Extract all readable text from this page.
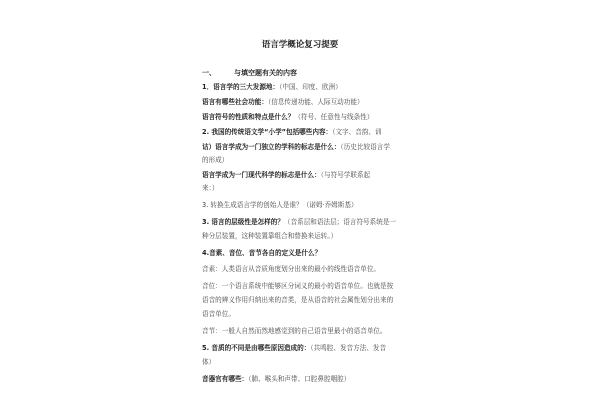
语言学概论复习提要
一、	与填空题有关的内容
1．语言学的三大发源地：（中国、印度、欧洲）
语言有哪些社会功能：（信息传递功能、人际互动功能）
语言符号的性质和特点是什么？（符号、任意性与线条性）
2. 我国的传统语文学“小学”包括哪些内容：（文字、音韵、训
诂）语言学成为一门独立的学科的标志是什么：（历史比较语言学
的形成）
语言学成为一门现代科学的标志是什么：（与符号学联系起
来：）
3. 转换生成语言学的创始人是谁？（诺姆·乔姆斯基）
3. 语言的层级性是怎样的？（音系层和语法层；语言符号系统是一
种分层装置，这种装置靠组合和替换来运转。）
4.音素、音位、音节各自的定义是什么？
音素：人类语言从音质角度划分出来的最小的线性语音单位。
音位：一个语言系统中能够区分词义的最小的语音单位。也就是按
语音的辨义作用归纳出来的音类，是从语音的社会属性划分出来的
语音单位。
音节：一般人自然而然地感觉到的自己语音里最小的语音单位。
5. 音质的不同是由哪些原因造成的：（共鸣腔、发音方法、发音
体）
音器官有哪些：（肺、喉头和声带、口腔鼻腔咽腔）
